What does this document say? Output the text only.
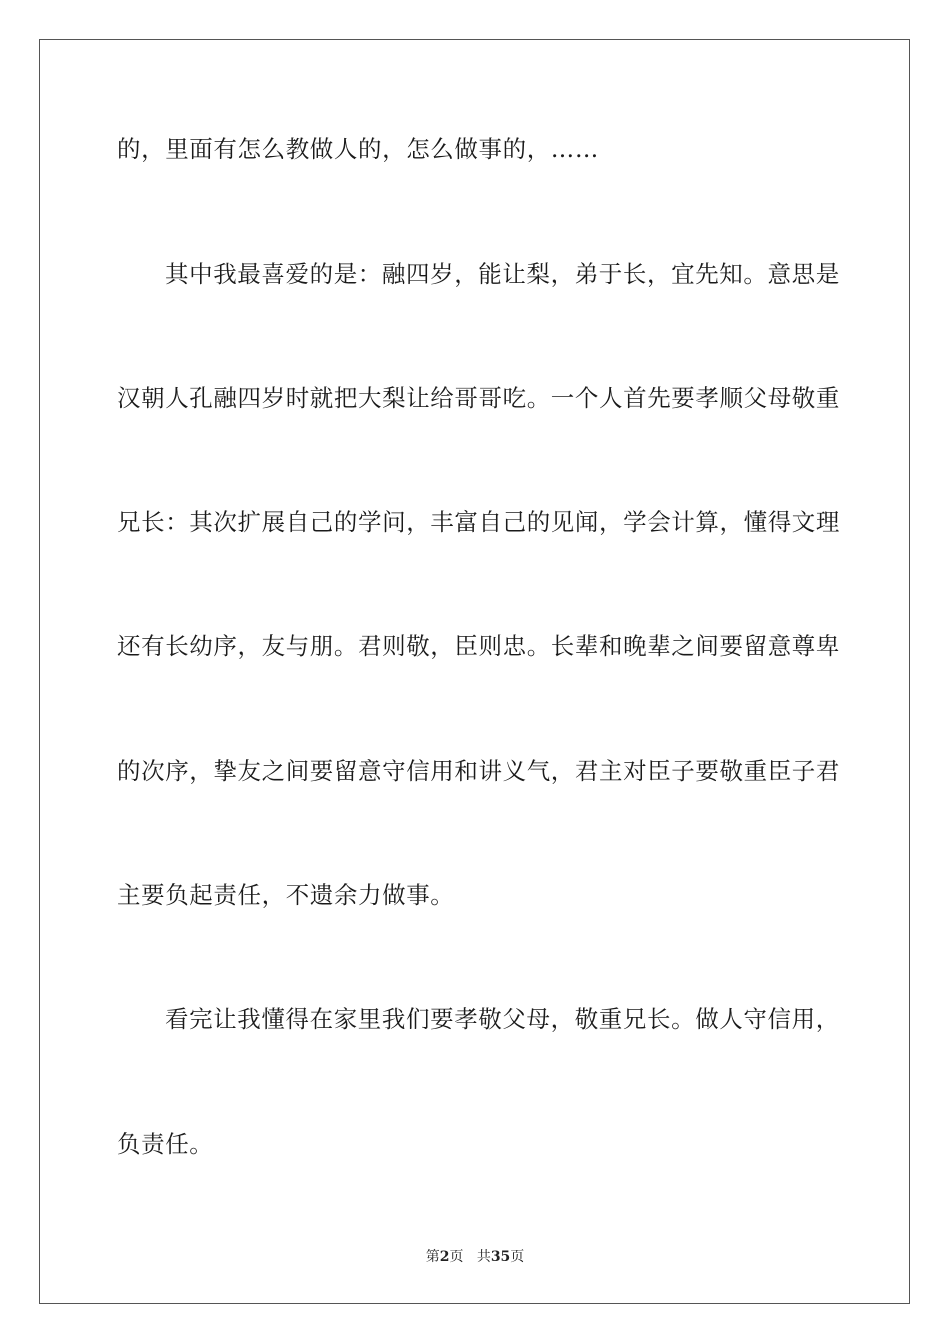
的，里面有怎么教做人的，怎么做事的，……
其中我最喜爱的是：融四岁，能让梨，弟于长，宜先知。意思是
汉朝人孔融四岁时就把大梨让给哥哥吃。一个人首先要孝顺父母敬重
兄长：其次扩展自己的学问，丰富自己的见闻，学会计算，懂得文理
还有长幼序，友与朋。君则敬，臣则忠。长辈和晚辈之间要留意尊卑
的次序，挚友之间要留意守信用和讲义气，君主对臣子要敬重臣子君
主要负起责任，不遗余力做事。
看完让我懂得在家里我们要孝敬父母，敬重兄长。做人守信用，
负责任。
第2页 共35页
